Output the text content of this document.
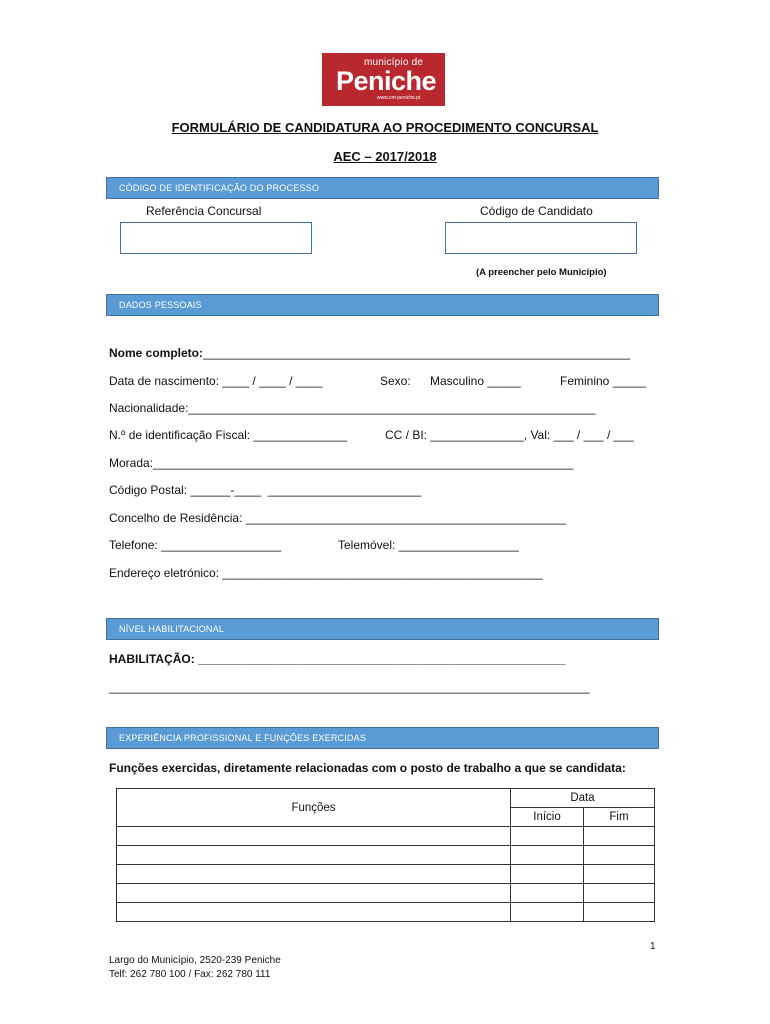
município de
Peniche
www.cm-peniche.pt
FORMULÁRIO DE CANDIDATURA AO PROCEDIMENTO CONCURSAL
AEC – 2017/2018
CÓDIGO DE IDENTIFICAÇÃO DO PROCESSO
Referência Concursal	Código de Candidato
(A preencher pelo Município)
DADOS PESSOAIS
Nome completo:________________________________________________________________
Data de nascimento: ____ / ____ / ____	Sexo: Masculino _____	Feminino _____
Nacionalidade:_____________________________________________________________
N.º de identificação Fiscal: ______________	CC / BI: ______________, Val: ___ / ___ / ___
Morada:_______________________________________________________________
Código Postal: ______-____  _______________________
Concelho de Residência: ________________________________________________
Telefone: __________________	Telemóvel: __________________
Endereço eletrónico: ________________________________________________
NÍVEL HABILITACIONAL
HABILITAÇÃO: _______________________________________________________
________________________________________________________________________
EXPERIÊNCIA PROFISSIONAL E FUNÇÕES EXERCIDAS
Funções exercidas, diretamente relacionadas com o posto de trabalho a que se candidata:
Funções	Data	
	Início	Fim

1
Largo do Município, 2520-239 Peniche
Telf: 262 780 100 / Fax: 262 780 111
